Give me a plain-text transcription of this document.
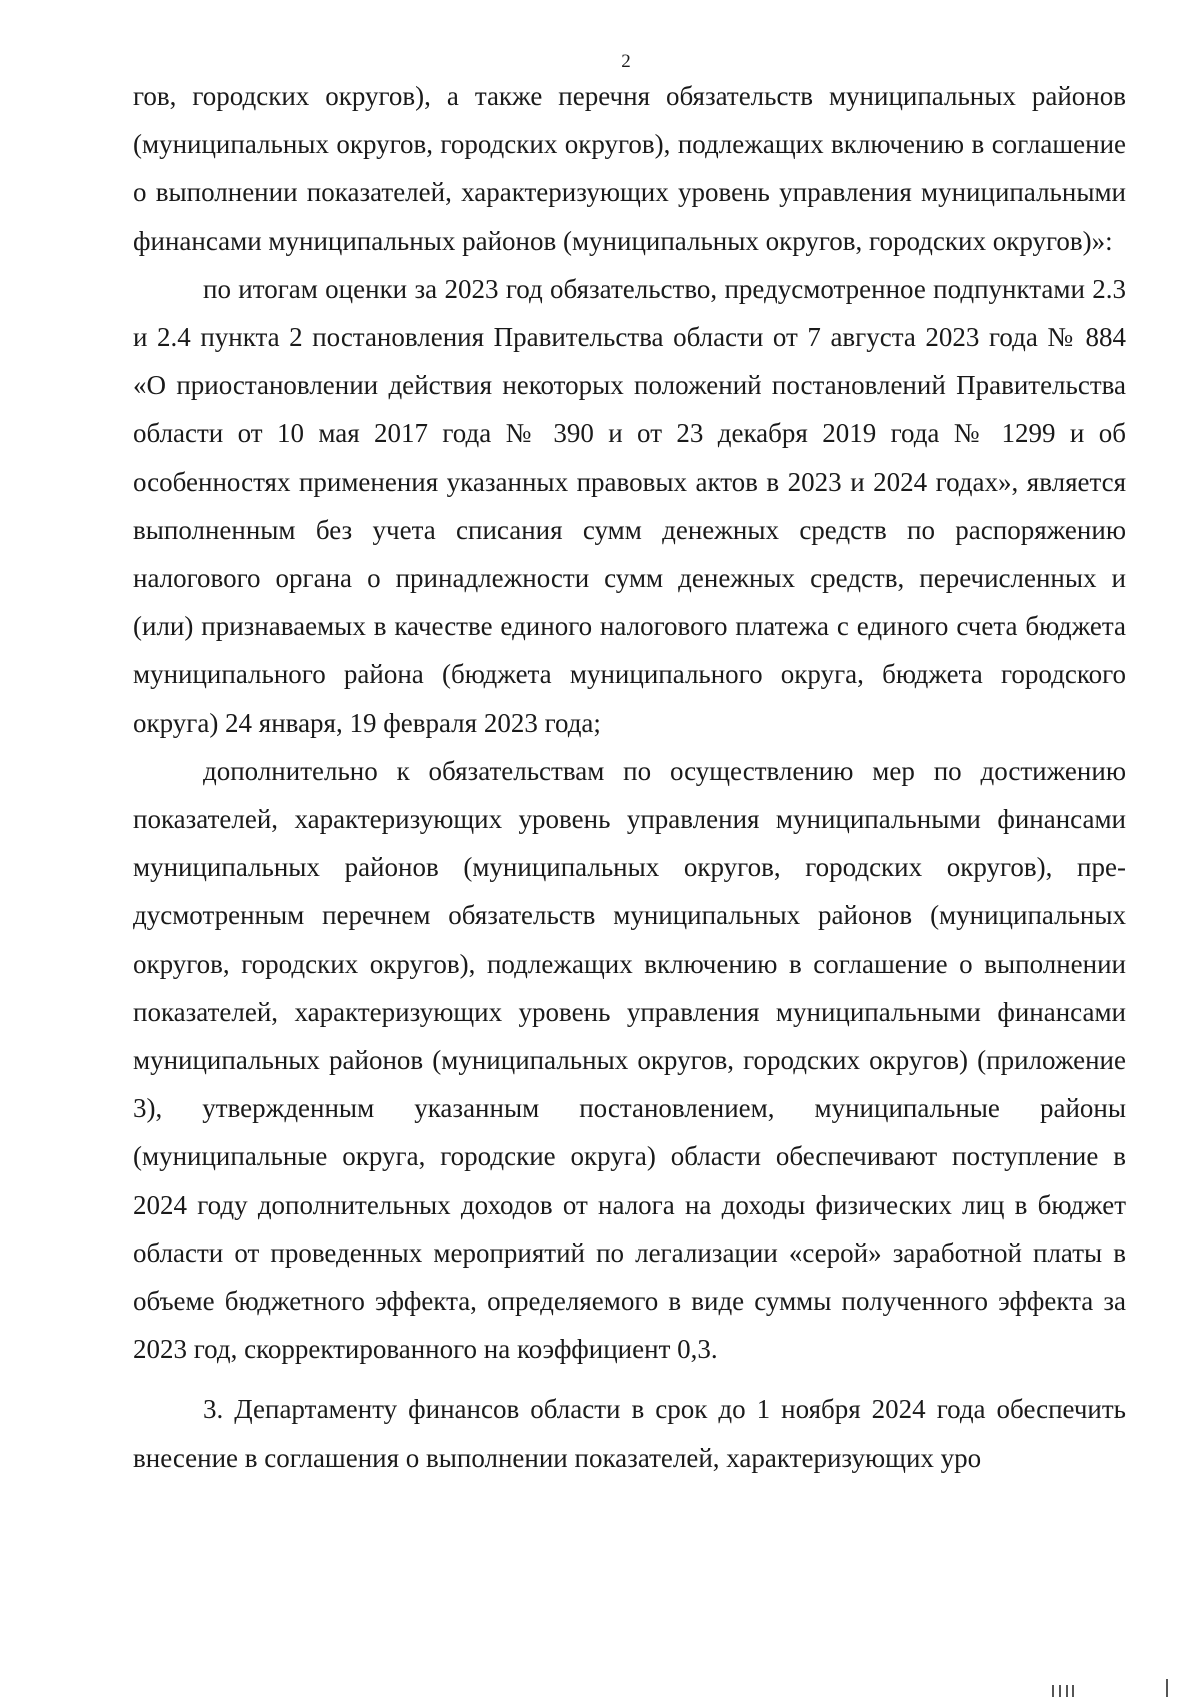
2

гов, городских округов), а также перечня обязательств муниципальных районов (муниципальных округов, городских округов), подлежащих включению в соглашение о выполнении показателей, характеризующих уровень управления муниципальными финансами муниципальных районов (муниципальных округов, городских округов)»:

по итогам оценки за 2023 год обязательство, предусмотренное подпунктами 2.3 и 2.4 пункта 2 постановления Правительства области от 7 августа 2023 года № 884 «О приостановлении действия некоторых положений постановлений Правительства области от 10 мая 2017 года № 390 и от 23 декабря 2019 года № 1299 и об особенностях применения указанных правовых актов в 2023 и 2024 годах», является выполненным без учета списания сумм денежных средств по распоряжению налогового органа о принадлежности сумм денежных средств, перечисленных и (или) признаваемых в качестве единого налогового платежа с единого счета бюджета муниципального района (бюджета муниципального округа, бюджета городского округа) 24 января, 19 февраля 2023 года;

дополнительно к обязательствам по осуществлению мер по достижению показателей, характеризующих уровень управления муниципальными финансами муниципальных районов (муниципальных округов, городских округов), предусмотренным перечнем обязательств муниципальных районов (муниципальных округов, городских округов), подлежащих включению в соглашение о выполнении показателей, характеризующих уровень управления муниципальными финансами муниципальных районов (муниципальных округов, городских округов) (приложение 3), утвержденным указанным постановлением, муниципальные районы (муниципальные округа, городские округа) области обеспечивают поступление в 2024 году дополнительных доходов от налога на доходы физических лиц в бюджет области от проведенных мероприятий по легализации «серой» заработной платы в объеме бюджетного эффекта, определяемого в виде суммы полученного эффекта за 2023 год, скорректированного на коэффициент 0,3.

3. Департаменту финансов области в срок до 1 ноября 2024 года обеспечить внесение в соглашения о выполнении показателей, характеризующих уро
